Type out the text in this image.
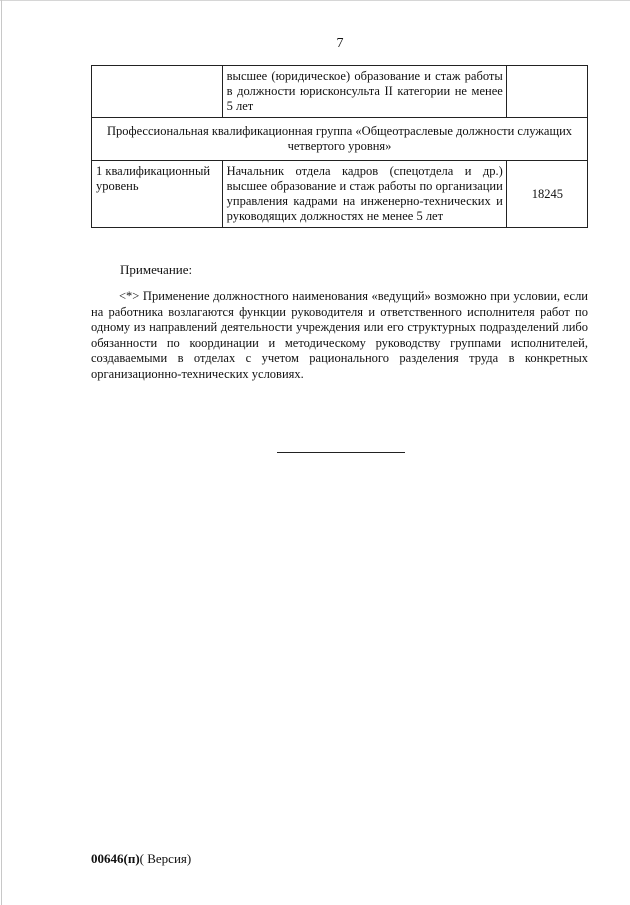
7
	высшее (юридическое) образование и стаж работы в должности юрисконсульта II категории не менее 5 лет	
Профессиональная квалификационная группа «Общеотраслевые должности служащих четвертого уровня»		
1 квалификационный уровень	Начальник отдела кадров (спецотдела и др.) высшее образование и стаж работы по организации управления кадрами на инженерно-технических и руководящих должностях не менее 5 лет	18245
Примечание:

<*> Применение должностного наименования «ведущий» возможно при условии, если на работника возлагаются функции руководителя и ответственного исполнителя работ по одному из направлений деятельности учреждения или его структурных подразделений либо обязанности по координации и методическому руководству группами исполнителей, создаваемыми в отделах с учетом рационального разделения труда в конкретных организационно-технических условиях.

00646(п)( Версия)
